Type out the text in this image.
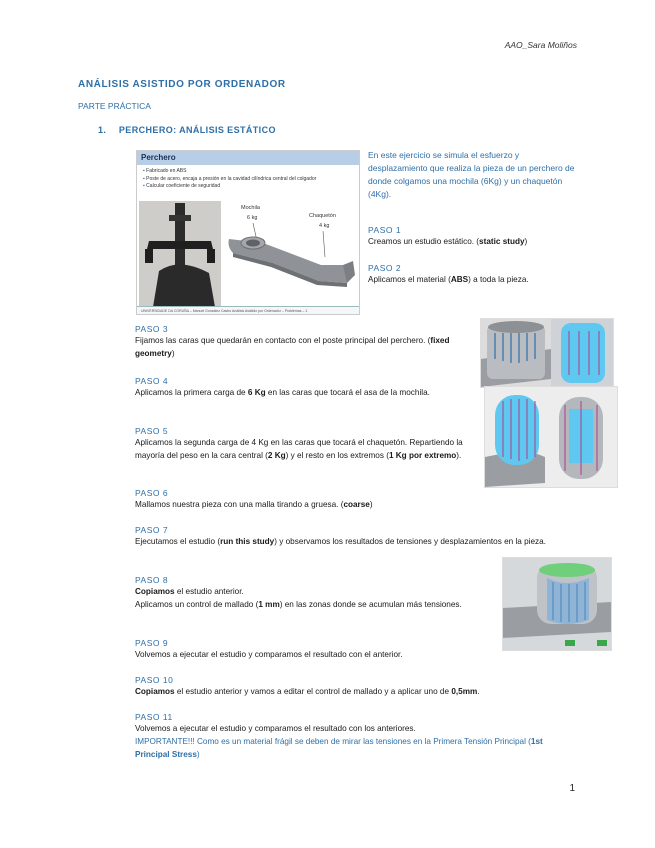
AAO_Sara Moliños
ANÁLISIS ASISTIDO POR ORDENADOR
PARTE PRÁCTICA
1. PERCHERO: ANÁLISIS ESTÁTICO
Perchero
▪ Fabricado en ABS
▪ Poste de acero, encaja a presión en la cavidad cilíndrica central del colgador
▪ Calcular coeficiente de seguridad
Mochila
6 kg	Chaquetón
4 kg
UNIVERSIDADE DA CORUÑA – Manuel González Castro Análisis Asistido por Ordenador – Problemas – 1
En este ejercicio se simula el esfuerzo y desplazamiento que realiza la pieza de un perchero de donde colgamos una mochila (6Kg) y un chaquetón (4Kg).
PASO 1
Creamos un estudio estático. (static study)
PASO 2
Aplicamos el material (ABS) a toda la pieza.
PASO 3
Fijamos las caras que quedarán en contacto con el poste principal del perchero. (fixed geometry)
PASO 4
Aplicamos la primera carga de 6 Kg en las caras que tocará el asa de la mochila.
PASO 5
Aplicamos la segunda carga de 4 Kg en las caras que tocará el chaquetón. Repartiendo la mayoría del peso en la cara central (2 Kg) y el resto en los extremos (1 Kg por extremo).
PASO 6
Mallamos nuestra pieza con una malla tirando a gruesa. (coarse)
PASO 7
Ejecutamos el estudio (run this study) y observamos los resultados de tensiones y desplazamientos en la pieza.
PASO 8
Copiamos el estudio anterior.
Aplicamos un control de mallado (1 mm) en las zonas donde se acumulan más tensiones.
PASO 9
Volvemos a ejecutar el estudio y comparamos el resultado con el anterior.
PASO 10
Copiamos el estudio anterior y vamos a editar el control de mallado y a aplicar uno de 0,5mm.
PASO 11
Volvemos a ejecutar el estudio y comparamos el resultado con los anteriores.
IMPORTANTE!!! Como es un material frágil se deben de mirar las tensiones en la Primera Tensión Principal (1st Principal Stress)
1
